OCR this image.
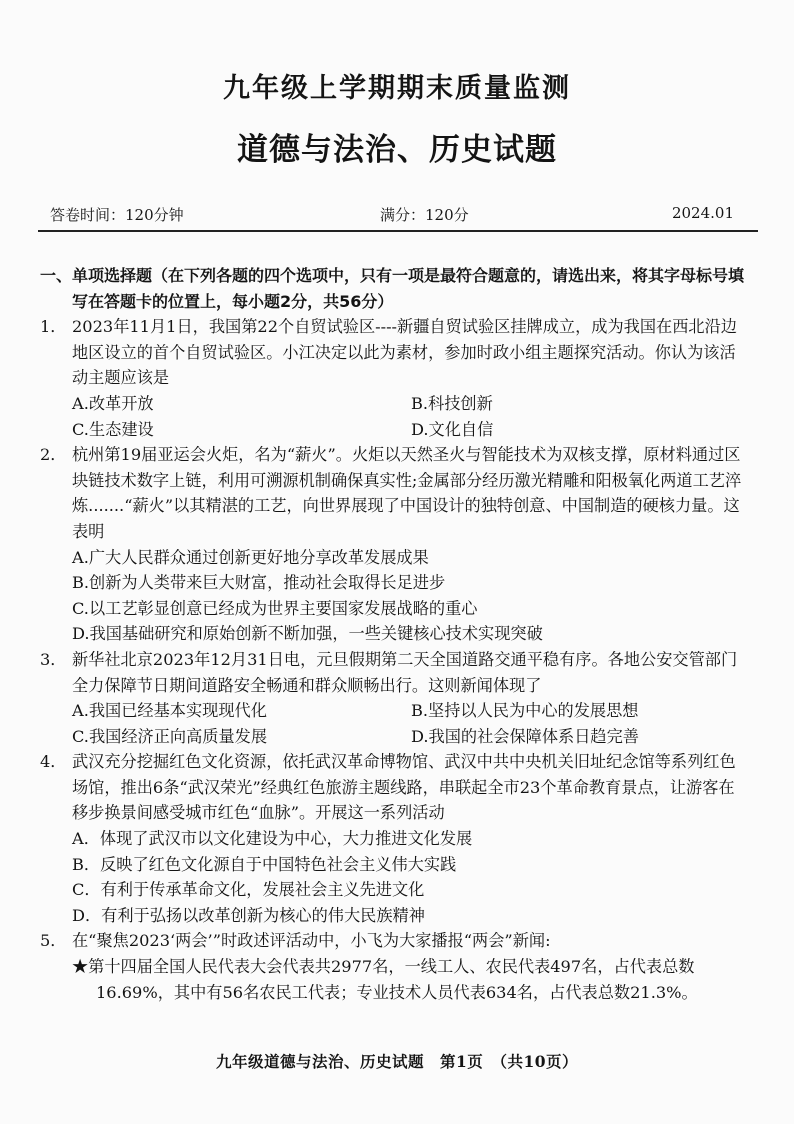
九年级上学期期末质量监测
道德与法治、历史试题
答卷时间：120分钟	满分：120分	2024.01
一、单项选择题（在下列各题的四个选项中，只有一项是最符合题意的，请选出来，将其字母标号填写在答题卡的位置上，每小题2分，共56分）
1． 2023年11月1日，我国第22个自贸试验区----新疆自贸试验区挂牌成立，成为我国在西北沿边地区设立的首个自贸试验区。小江决定以此为素材，参加时政小组主题探究活动。你认为该活动主题应该是
A.改革开放	B.科技创新
C.生态建设	D.文化自信
2． 杭州第19届亚运会火炬，名为“薪火”。火炬以天然圣火与智能技术为双核支撑，原材料通过区块链技术数字上链，利用可溯源机制确保真实性;金属部分经历激光精雕和阳极氧化两道工艺淬炼.......“薪火”以其精湛的工艺，向世界展现了中国设计的独特创意、中国制造的硬核力量。这表明
A.广大人民群众通过创新更好地分享改革发展成果
B.创新为人类带来巨大财富，推动社会取得长足进步
C.以工艺彰显创意已经成为世界主要国家发展战略的重心
D.我国基础研究和原始创新不断加强，一些关键核心技术实现突破
3． 新华社北京2023年12月31日电，元旦假期第二天全国道路交通平稳有序。各地公安交管部门全力保障节日期间道路安全畅通和群众顺畅出行。这则新闻体现了
A.我国已经基本实现现代化	B.坚持以人民为中心的发展思想
C.我国经济正向高质量发展	D.我国的社会保障体系日趋完善
4． 武汉充分挖掘红色文化资源，依托武汉革命博物馆、武汉中共中央机关旧址纪念馆等系列红色场馆，推出6条“武汉荣光”经典红色旅游主题线路，串联起全市23个革命教育景点，让游客在移步换景间感受城市红色“血脉”。开展这一系列活动
A．体现了武汉市以文化建设为中心，大力推进文化发展
B．反映了红色文化源自于中国特色社会主义伟大实践
C．有利于传承革命文化，发展社会主义先进文化
D．有利于弘扬以改革创新为核心的伟大民族精神
5． 在“聚焦2023‘两会’”时政述评活动中，小飞为大家播报“两会”新闻:
★第十四届全国人民代表大会代表共2977名，一线工人、农民代表497名，占代表总数16.69%，其中有56名农民工代表；专业技术人员代表634名，占代表总数21.3%。
九年级道德与法治、历史试题　第1页　（共10页）
